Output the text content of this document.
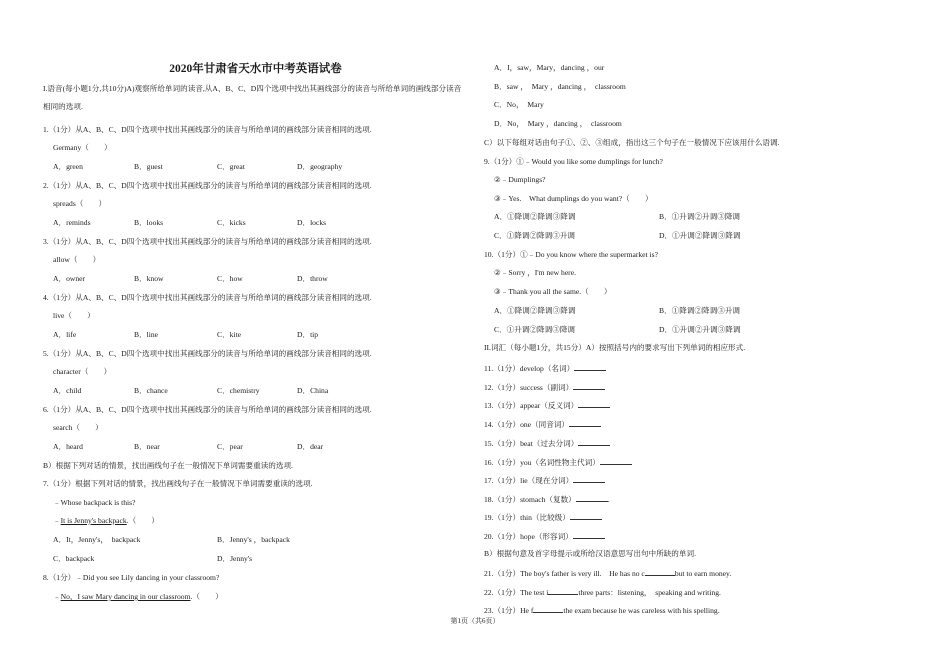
2020年甘肃省天水市中考英语试卷
I.语音(每小题1分,共10分)A)观察所给单词的读音,从A、B、C、D四个选项中找出其画线部分的读音与所给单词的画线部分读音相同的选项.
1.（1分）从A、B、C、D四个选项中找出其画线部分的读音与所给单词的画线部分读音相同的选项.
Germany（　　）
A．green	B．guest	C．great	D．geography
2.（1分）从A、B、C、D四个选项中找出其画线部分的读音与所给单词的画线部分读音相同的选项.
spreads（　　）
A．reminds	B．looks	C．kicks	D．locks
3.（1分）从A、B、C、D四个选项中找出其画线部分的读音与所给单词的画线部分读音相同的选项.
allow（　　）
A．owner	B．know	C．how	D．throw
4.（1分）从A、B、C、D四个选项中找出其画线部分的读音与所给单词的画线部分读音相同的选项.
live（　　）
A．life	B．line	C．kite	D．tip
5.（1分）从A、B、C、D四个选项中找出其画线部分的读音与所给单词的画线部分读音相同的选项.
character（　　）
A．child	B．chance	C．chemistry	D．China
6.（1分）从A、B、C、D四个选项中找出其画线部分的读音与所给单词的画线部分读音相同的选项.
search（　　）
A．heard	B．near	C．pear	D．dear
B）根据下列对话的情景，找出画线句子在一般情况下单词需要重读的选项.
7.（1分）根据下列对话的情景，找出画线句子在一般情况下单词需要重读的选项.
﹣Whose backpack is this?
﹣It is Jenny's backpack.（　　）
A．It，Jenny's，　backpack	B．Jenny's ，backpack
C．backpack	D．Jenny's
8.（1分）﹣Did you see Lily dancing in your classroom?
﹣No，I saw Mary dancing in our classroom.（　　）
A．I，saw，Mary，dancing ，our
B．saw ，　Mary ，dancing ，　classroom
C．No，　Mary
D．No，　Mary ，dancing ，　classroom
C）以下每组对话由句子①、②、③组成，指出这三个句子在一般情况下应该用什么语调.
9.（1分）①﹣Would you like some dumplings for lunch?
②﹣Dumplings?
③﹣Yes.　What dumplings do you want?（　　）
A．①降调②降调③降调	B．①升调②升调③降调
C．①降调②降调③升调	D．①升调②降调③降调
10.（1分）①﹣Do you know where the supermarket is?
②﹣Sorry ，I'm new here.
③﹣Thank you all the same.（　　）
A．①降调②降调③降调	B．①降调②降调③升调
C．①升调②降调③降调	D．①升调②升调③降调
II.词汇（每小题1分，共15分）A）按照括号内的要求写出下列单词的相应形式.
11.（1分）develop（名词）
12.（1分）success（副词）
13.（1分）appear（反义词）
14.（1分）one（同音词）
15.（1分）beat（过去分词）
16.（1分）you（名词性物主代词）
17.（1分）lie（现在分词）
18.（1分）stomach（复数）	.
19.（1分）thin（比较级）
20.（1分）hope（形容词）
B）根据句意及首字母提示或所给汉语意思写出句中所缺的单词.
21.（1分）The boy's father is very ill.　He has no c	but to earn money.
22.（1分）The test i	three parts：listening，　speaking and writing.
23.（1分）He f	the exam because he was careless with his spelling.
第1页（共6页）
